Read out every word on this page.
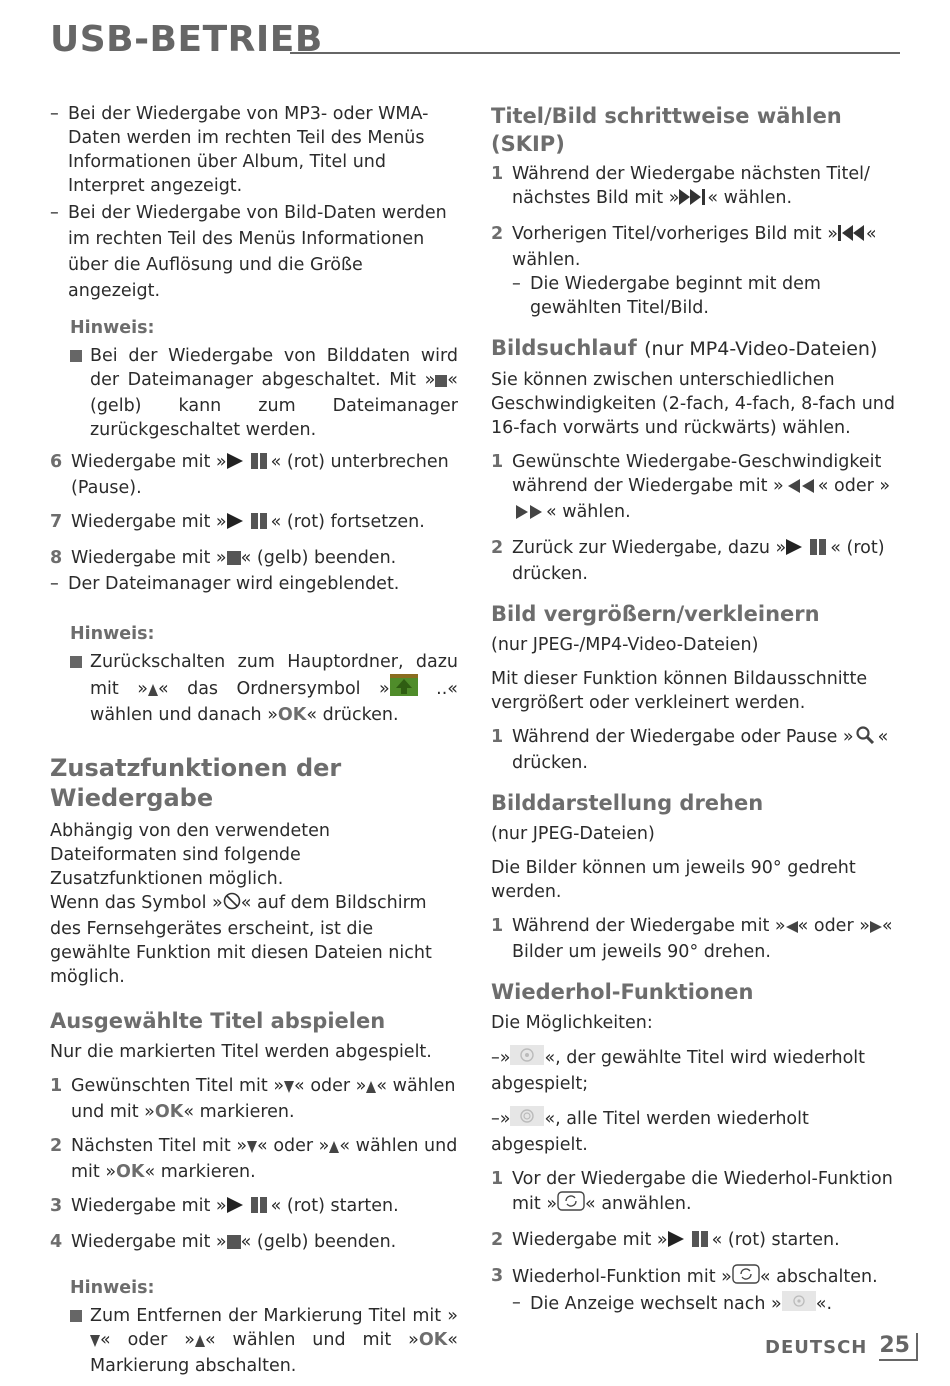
USB-BETRIEB
– Bei der Wiedergabe von MP3- oder WMA-Daten werden im rechten Teil des Menüs Informationen über Album, Titel und Interpret angezeigt.
– Bei der Wiedergabe von Bild-Daten werden im rechten Teil des Menüs Informationen über die Auflösung und die Größe angezeigt.
Hinweis:
Bei der Wiedergabe von Bilddaten wird der Dateimanager abgeschaltet. Mit » « (gelb) kann zum Dateimanager zurückgeschaltet werden.
6 Wiedergabe mit »	« (rot) unterbrechen (Pause).
7 Wiedergabe mit »	« (rot) fortsetzen.
8 Wiedergabe mit » « (gelb) beenden.
– Der Dateimanager wird eingeblendet.
Hinweis:
Zurückschalten zum Hauptordner, dazu mit » « das Ordnersymbol » ..« wählen und danach »OK« drücken.
Zusatzfunktionen der Wiedergabe

Abhängig von den verwendeten Dateiformaten sind folgende Zusatzfunktionen möglich.

Wenn das Symbol » « auf dem Bildschirm des Fernsehgerätes erscheint, ist die gewählte Funktion mit diesen Dateien nicht möglich.

Ausgewählte Titel abspielen

Nur die markierten Titel werden abgespielt.

1 Gewünschten Titel mit » « oder » « wählen und mit »OK« markieren.
2 Nächsten Titel mit » « oder » « wählen und mit »OK« markieren.
3 Wiedergabe mit »	« (rot) starten.
4 Wiedergabe mit » « (gelb) beenden.
Hinweis:
Zum Entfernen der Markierung Titel mit »« oder » « wählen und mit »OK« Markierung abschalten.
Titel/Bild schrittweise wählen (SKIP)
1 Während der Wiedergabe nächsten Titel/ nächstes Bild mit » « wählen.
2 Vorherigen Titel/vorheriges Bild mit » « wählen.
– Die Wiedergabe beginnt mit dem gewählten Titel/Bild.
Bildsuchlauf (nur MP4-Video-Dateien)

Sie können zwischen unterschiedlichen Geschwindigkeiten (2-fach, 4-fach, 8-fach und 16-fach vorwärts und rückwärts) wählen.

1 Gewünschte Wiedergabe-Geschwindigkeit während der Wiedergabe mit » « oder »« wählen.
2 Zurück zur Wiedergabe, dazu »	« (rot) drücken.
Bild vergrößern/verkleinern

(nur JPEG-/MP4-Video-Dateien)

Mit dieser Funktion können Bildausschnitte vergrößert oder verkleinert werden.

1 Während der Wiedergabe oder Pause » « drücken.
Bilddarstellung drehen

(nur JPEG-Dateien)

Die Bilder können um jeweils 90° gedreht werden.

1 Während der Wiedergabe mit » « oder » « Bilder um jeweils 90° drehen.
Wiederhol-Funktionen

Die Möglichkeiten:

–» «, der gewählte Titel wird wiederholt abgespielt;

–» «, alle Titel werden wiederholt abgespielt.

1 Vor der Wiedergabe die Wiederhol-Funktion mit » « anwählen.
2 Wiedergabe mit »	« (rot) starten.
3 Wiederhol-Funktion mit » « abschalten.
– Die Anzeige wechselt nach » «.
DEUTSCH 25
